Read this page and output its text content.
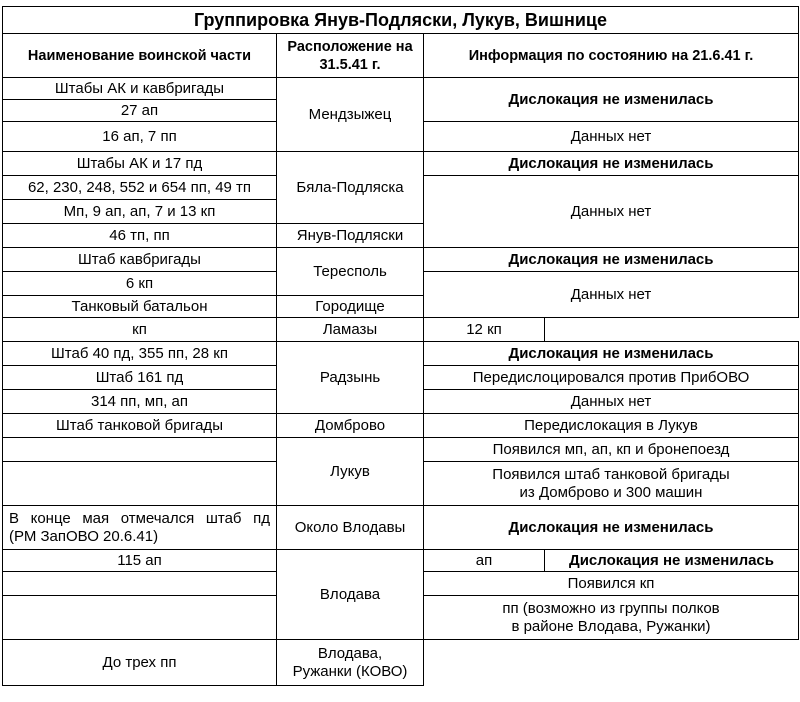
Группировка Янув-Подляски, Лукув, Вишнице			
Наименование воинской части	Расположение на 31.5.41 г.	Информация по состоянию на 21.6.41 г.	
Штабы АК и кавбригады	Мендзыжец	Дислокация не изменилась	
27 ап			
16 ап, 7 пп		Данных нет	
Штабы АК и 17 пд	Бяла-Подляска	Дислокация не изменилась	
62, 230, 248, 552 и 654 пп, 49 тп		Данных нет	
Мп, 9 ап, ап, 7 и 13 кп			
46 тп, пп	Янув-Подляски		
Штаб кавбригады	Тересполь	Дислокация не изменилась	
6 кп		Данных нет	
Танковый батальон	Городище		
кп	Ламазы	12 кп	
Штаб 40 пд, 355 пп, 28 кп	Радзынь	Дислокация не изменилась	
Штаб 161 пд		Передислоцировался против ПрибОВО	
314 пп, мп, ап		Данных нет	
Штаб танковой бригады	Домброво	Передислокация в Лукув	
	Лукув	Появился мп, ап, кп и бронепоезд	

		Появился штаб танковой бригады
из Домброво и 300 машин	

В конце мая отмечался штаб пд
(РМ ЗапОВО 20.6.41)	Около Влодавы	Дислокация не изменилась	
115 ап	Влодава	ап	Дислокация не изменилась
		Появился кп	

		пп (возможно из группы полков
в районе Влодава, Ружанки)	

До трех пп	Влодава,
Ружанки (КОВО)		
